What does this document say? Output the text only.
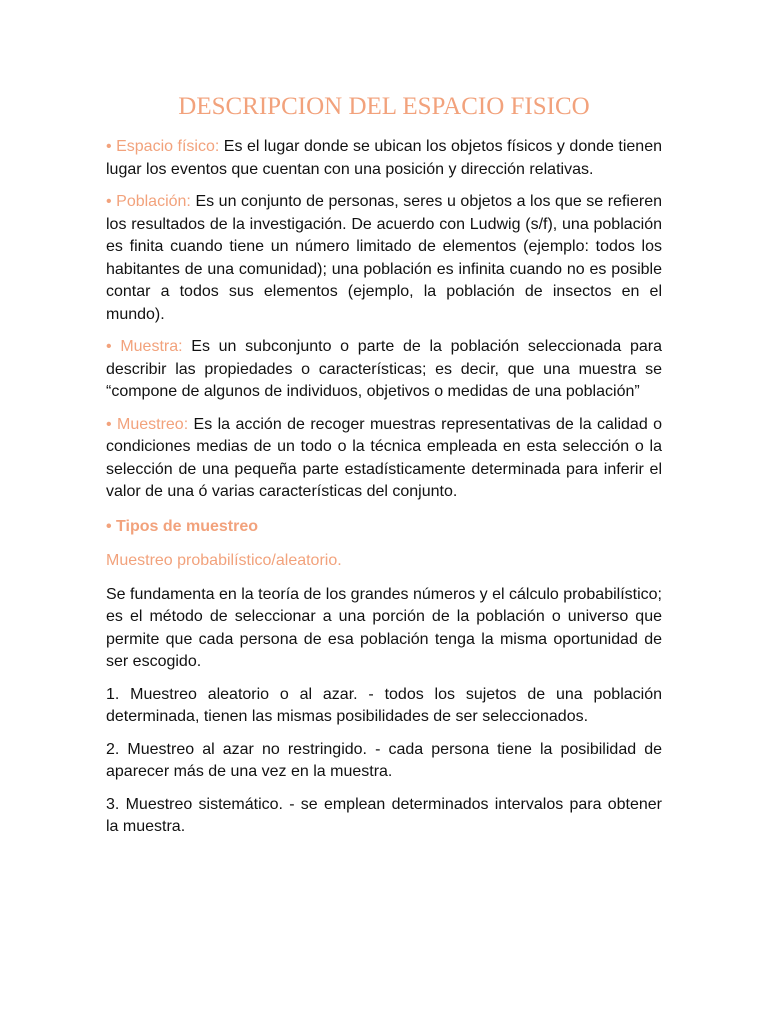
DESCRIPCION DEL ESPACIO FISICO

• Espacio físico: Es el lugar donde se ubican los objetos físicos y donde tienen lugar los eventos que cuentan con una posición y dirección relativas.

• Población: Es un conjunto de personas, seres u objetos a los que se refieren los resultados de la investigación. De acuerdo con Ludwig (s/f), una población es finita cuando tiene un número limitado de elementos (ejemplo: todos los habitantes de una comunidad); una población es infinita cuando no es posible contar a todos sus elementos (ejemplo, la población de insectos en el mundo).

• Muestra: Es un subconjunto o parte de la población seleccionada para describir las propiedades o características; es decir, que una muestra se “compone de algunos de individuos, objetivos o medidas de una población”

• Muestreo: Es la acción de recoger muestras representativas de la calidad o condiciones medias de un todo o la técnica empleada en esta selección o la selección de una pequeña parte estadísticamente determinada para inferir el valor de una ó varias características del conjunto.

• Tipos de muestreo

Muestreo probabilístico/aleatorio.

Se fundamenta en la teoría de los grandes números y el cálculo probabilístico; es el método de seleccionar a una porción de la población o universo que permite que cada persona de esa población tenga la misma oportunidad de ser escogido.

1. Muestreo aleatorio o al azar. - todos los sujetos de una población determinada, tienen las mismas posibilidades de ser seleccionados.

2. Muestreo al azar no restringido. - cada persona tiene la posibilidad de aparecer más de una vez en la muestra.

3. Muestreo sistemático. - se emplean determinados intervalos para obtener la muestra.
